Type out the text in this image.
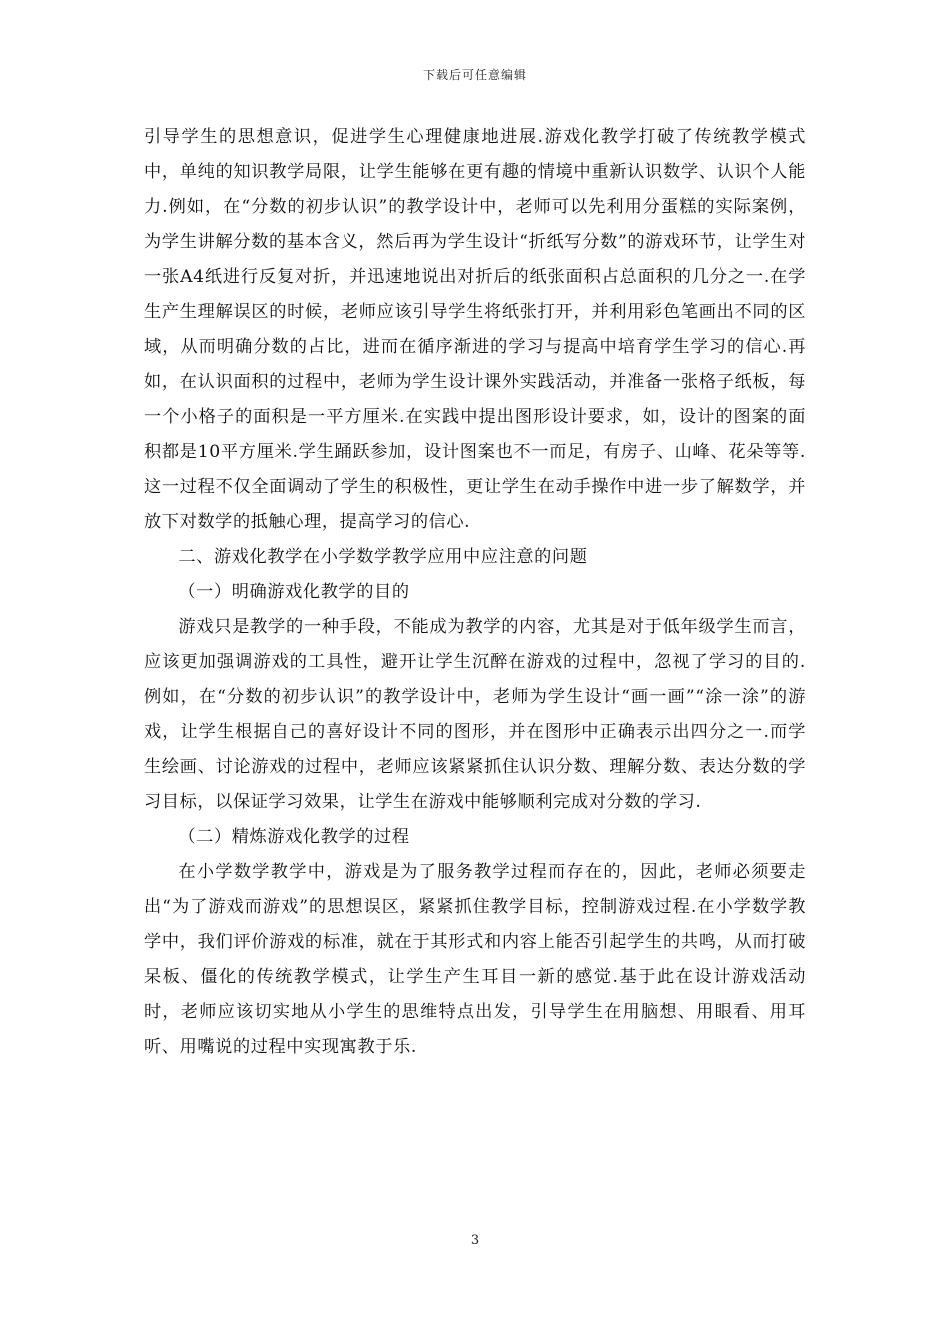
下载后可任意编辑

引导学生的思想意识，促进学生心理健康地进展.游戏化教学打破了传统教学模式中，单纯的知识教学局限，让学生能够在更有趣的情境中重新认识数学、认识个人能力.例如，在“分数的初步认识”的教学设计中，老师可以先利用分蛋糕的实际案例，为学生讲解分数的基本含义，然后再为学生设计“折纸写分数”的游戏环节，让学生对一张A4纸进行反复对折，并迅速地说出对折后的纸张面积占总面积的几分之一.在学生产生理解误区的时候，老师应该引导学生将纸张打开，并利用彩色笔画出不同的区域，从而明确分数的占比，进而在循序渐进的学习与提高中培育学生学习的信心.再如，在认识面积的过程中，老师为学生设计课外实践活动，并准备一张格子纸板，每一个小格子的面积是一平方厘米.在实践中提出图形设计要求，如，设计的图案的面积都是10平方厘米.学生踊跃参加，设计图案也不一而足，有房子、山峰、花朵等等.这一过程不仅全面调动了学生的积极性，更让学生在动手操作中进一步了解数学，并放下对数学的抵触心理，提高学习的信心.

二、游戏化教学在小学数学教学应用中应注意的问题

（一）明确游戏化教学的目的

游戏只是教学的一种手段，不能成为教学的内容，尤其是对于低年级学生而言，应该更加强调游戏的工具性，避开让学生沉醉在游戏的过程中，忽视了学习的目的.例如，在“分数的初步认识”的教学设计中，老师为学生设计“画一画”“涂一涂”的游戏，让学生根据自己的喜好设计不同的图形，并在图形中正确表示出四分之一.而学生绘画、讨论游戏的过程中，老师应该紧紧抓住认识分数、理解分数、表达分数的学习目标，以保证学习效果，让学生在游戏中能够顺利完成对分数的学习.

（二）精炼游戏化教学的过程

在小学数学教学中，游戏是为了服务教学过程而存在的，因此，老师必须要走出“为了游戏而游戏”的思想误区，紧紧抓住教学目标，控制游戏过程.在小学数学教学中，我们评价游戏的标准，就在于其形式和内容上能否引起学生的共鸣，从而打破呆板、僵化的传统教学模式，让学生产生耳目一新的感觉.基于此在设计游戏活动时，老师应该切实地从小学生的思维特点出发，引导学生在用脑想、用眼看、用耳听、用嘴说的过程中实现寓教于乐.

3
